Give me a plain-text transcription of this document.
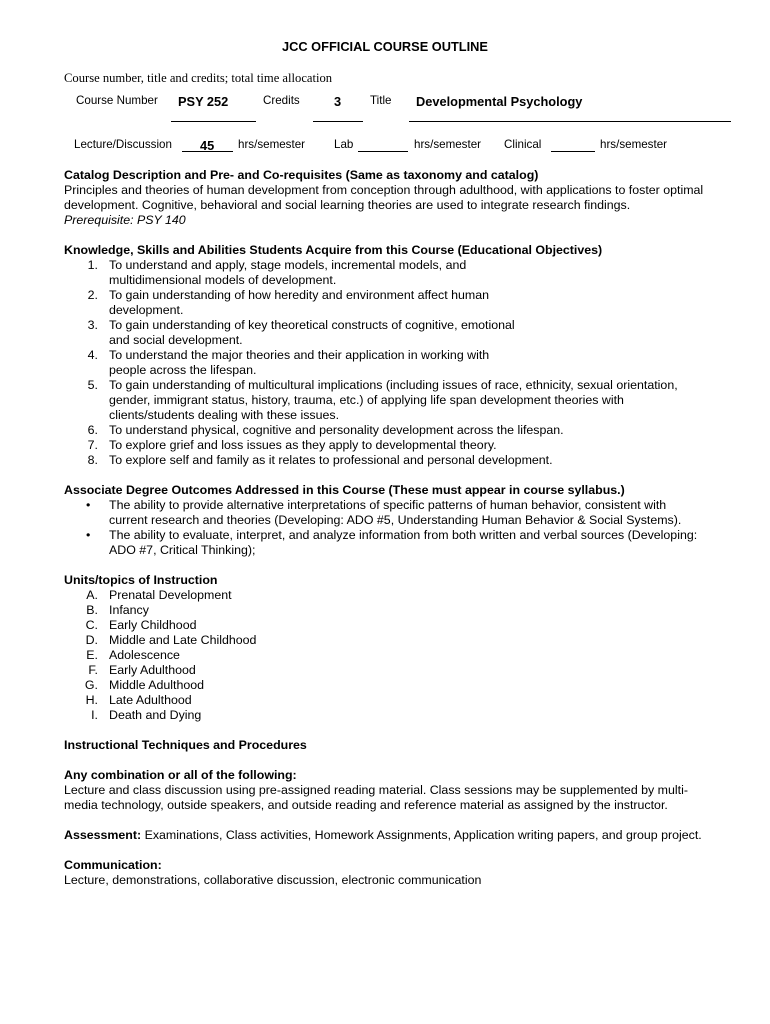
JCC OFFICIAL COURSE OUTLINE
Course number, title and credits; total time allocation
Course Number PSY 252	Credits	3 Title Developmental Psychology
Lecture/Discussion 45 hrs/semester Lab	hrs/semester Clinical	hrs/semester
Catalog Description and Pre- and Co-requisites (Same as taxonomy and catalog)
Principles and theories of human development from conception through adulthood, with applications to foster optimal development. Cognitive, behavioral and social learning theories are used to integrate research findings.
Prerequisite: PSY 140
Knowledge, Skills and Abilities Students Acquire from this Course (Educational Objectives)
1. To understand and apply, stage models, incremental models, and
multidimensional models of development.
2. To gain understanding of how heredity and environment affect human
development.
3. To gain understanding of key theoretical constructs of cognitive, emotional
and social development.
4. To understand the major theories and their application in working with
people across the lifespan.
5. To gain understanding of multicultural implications (including issues of race, ethnicity, sexual orientation,
gender, immigrant status, history, trauma, etc.) of applying life span development theories with
clients/students dealing with these issues.
6. To understand physical, cognitive and personality development across the lifespan.
7. To explore grief and loss issues as they apply to developmental theory.
8. To explore self and family as it relates to professional and personal development.
Associate Degree Outcomes Addressed in this Course (These must appear in course syllabus.)
• The ability to provide alternative interpretations of specific patterns of human behavior, consistent with
current research and theories (Developing: ADO #5, Understanding Human Behavior & Social Systems).
• The ability to evaluate, interpret, and analyze information from both written and verbal sources (Developing:
ADO #7, Critical Thinking);
Units/topics of Instruction
A. Prenatal Development
B. Infancy
C. Early Childhood
D. Middle and Late Childhood
E. Adolescence
F. Early Adulthood
G. Middle Adulthood
H. Late Adulthood
I. Death and Dying
Instructional Techniques and Procedures
Any combination or all of the following:
Lecture and class discussion using pre-assigned reading material. Class sessions may be supplemented by multi-media technology, outside speakers, and outside reading and reference material as assigned by the instructor.
Assessment: Examinations, Class activities, Homework Assignments, Application writing papers, and group project.
Communication:
Lecture, demonstrations, collaborative discussion, electronic communication
